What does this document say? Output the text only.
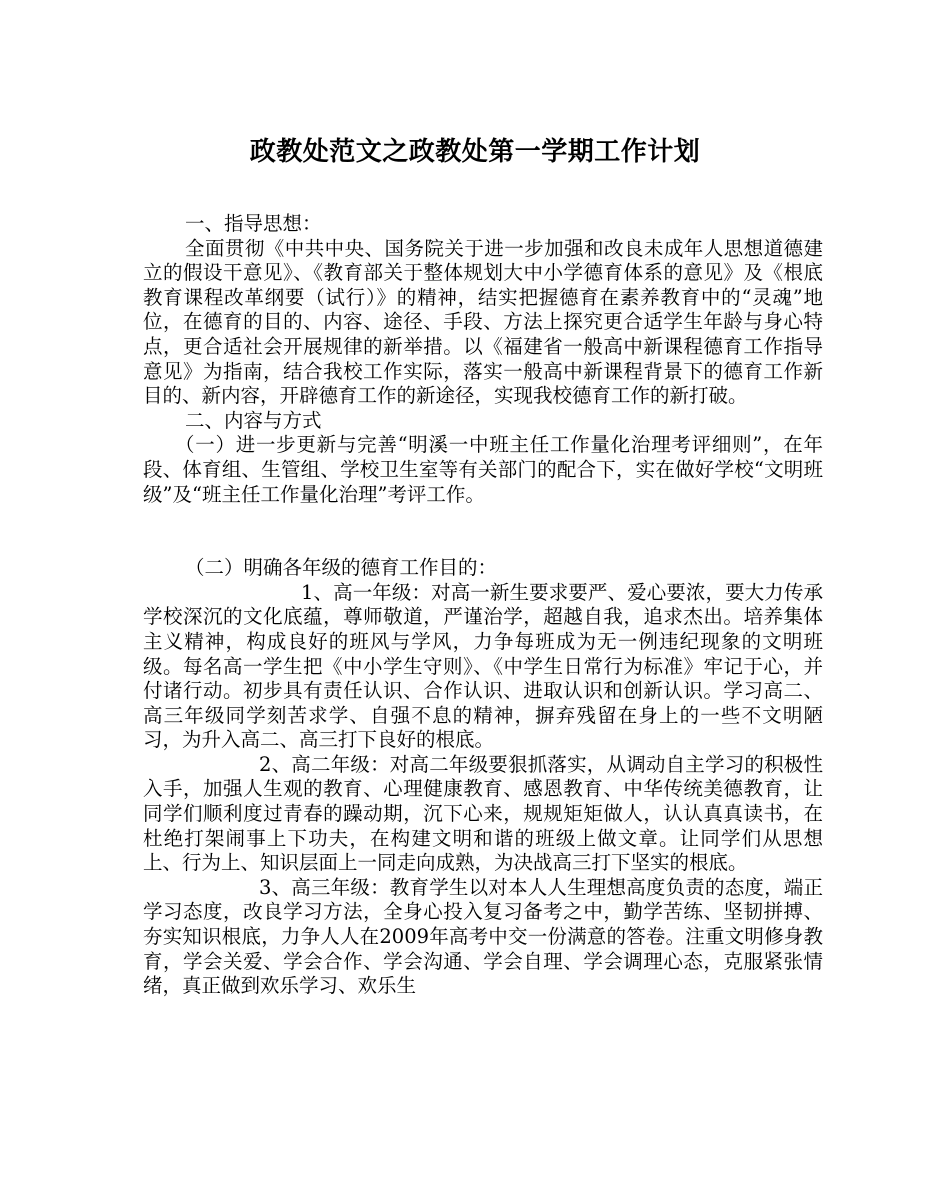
政教处范文之政教处第一学期工作计划

一、指导思想：

全面贯彻《中共中央、国务院关于进一步加强和改良未成年人思想道德建立的假设干意见》、《教育部关于整体规划大中小学德育体系的意见》及《根底教育课程改革纲要（试行）》的精神，结实把握德育在素养教育中的“灵魂”地位，在德育的目的、内容、途径、手段、方法上探究更合适学生年龄与身心特点，更合适社会开展规律的新举措。以《福建省一般高中新课程德育工作指导意见》为指南，结合我校工作实际，落实一般高中新课程背景下的德育工作新目的、新内容，开辟德育工作的新途径，实现我校德育工作的新打破。

二、内容与方式

（一）进一步更新与完善“明溪一中班主任工作量化治理考评细则”，在年段、体育组、生管组、学校卫生室等有关部门的配合下，实在做好学校“文明班级”及“班主任工作量化治理”考评工作。

（二）明确各年级的德育工作目的：

1、高一年级：对高一新生要求要严、爱心要浓，要大力传承学校深沉的文化底蕴，尊师敬道，严谨治学，超越自我，追求杰出。培养集体主义精神，构成良好的班风与学风，力争每班成为无一例违纪现象的文明班级。每名高一学生把《中小学生守则》、《中学生日常行为标准》牢记于心，并付诸行动。初步具有责任认识、合作认识、进取认识和创新认识。学习高二、高三年级同学刻苦求学、自强不息的精神，摒弃残留在身上的一些不文明陋习，为升入高二、高三打下良好的根底。

2、高二年级：对高二年级要狠抓落实，从调动自主学习的积极性入手，加强人生观的教育、心理健康教育、感恩教育、中华传统美德教育，让同学们顺利度过青春的躁动期，沉下心来，规规矩矩做人，认认真真读书，在杜绝打架闹事上下功夫，在构建文明和谐的班级上做文章。让同学们从思想上、行为上、知识层面上一同走向成熟，为决战高三打下坚实的根底。

3、高三年级：教育学生以对本人人生理想高度负责的态度，端正学习态度，改良学习方法，全身心投入复习备考之中，勤学苦练、坚韧拼搏、夯实知识根底，力争人人在2009年高考中交一份满意的答卷。注重文明修身教育，学会关爱、学会合作、学会沟通、学会自理、学会调理心态，克服紧张情绪，真正做到欢乐学习、欢乐生
